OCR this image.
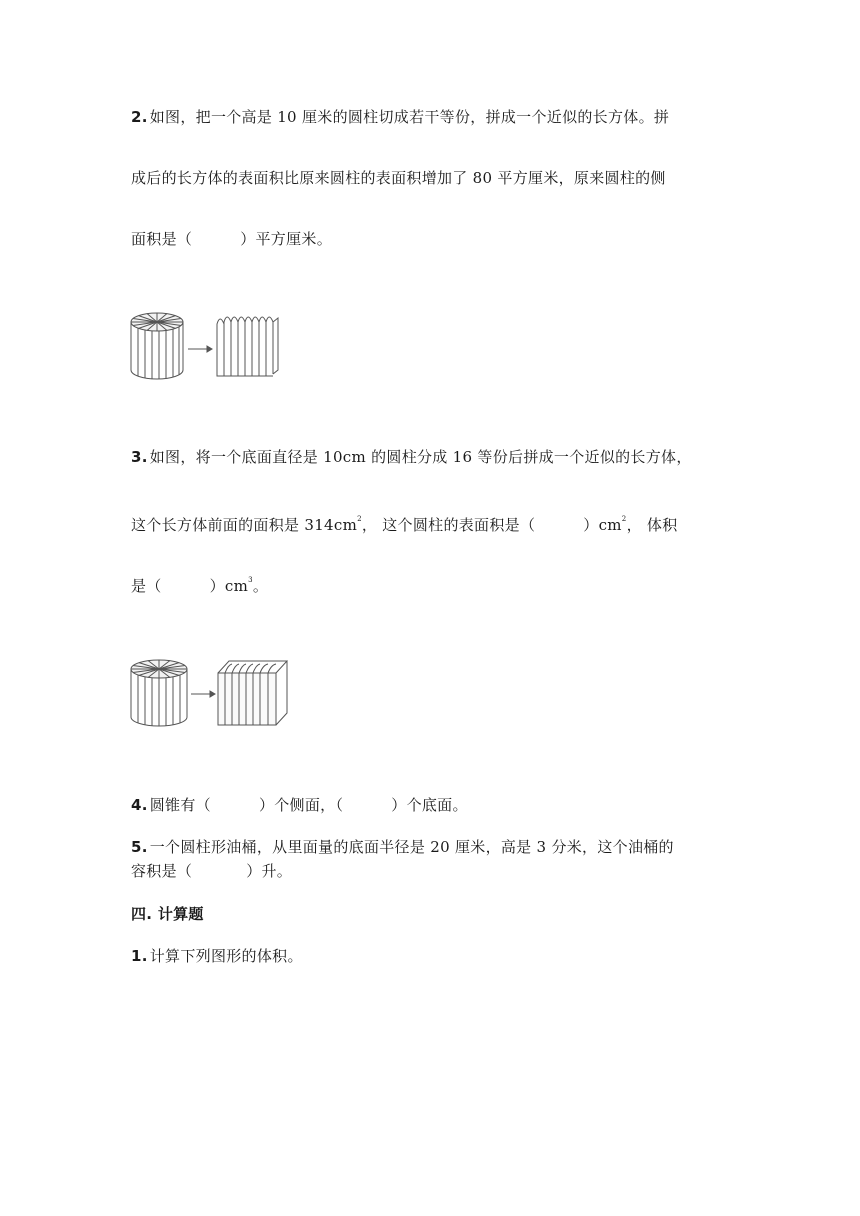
2. 如图，把一个高是 10 厘米的圆柱切成若干等份，拼成一个近似的长方体。拼
成后的长方体的表面积比原来圆柱的表面积增加了 80 平方厘米，原来圆柱的侧
面积是（	）平方厘米。
3. 如图，将一个底面直径是 10cm 的圆柱分成 16 等份后拼成一个近似的长方体，
这个长方体前面的面积是 $314cm^2$， 这个圆柱的表面积是（	）$cm^2$， 体积
是（	）$cm^3$。
4. 圆锥有（	）个侧面，（	）个底面。
5. 一个圆柱形油桶，从里面量的底面半径是 20 厘米，高是 3 分米，这个油桶的
容积是（	）升。
四. 计算题
1. 计算下列图形的体积。
